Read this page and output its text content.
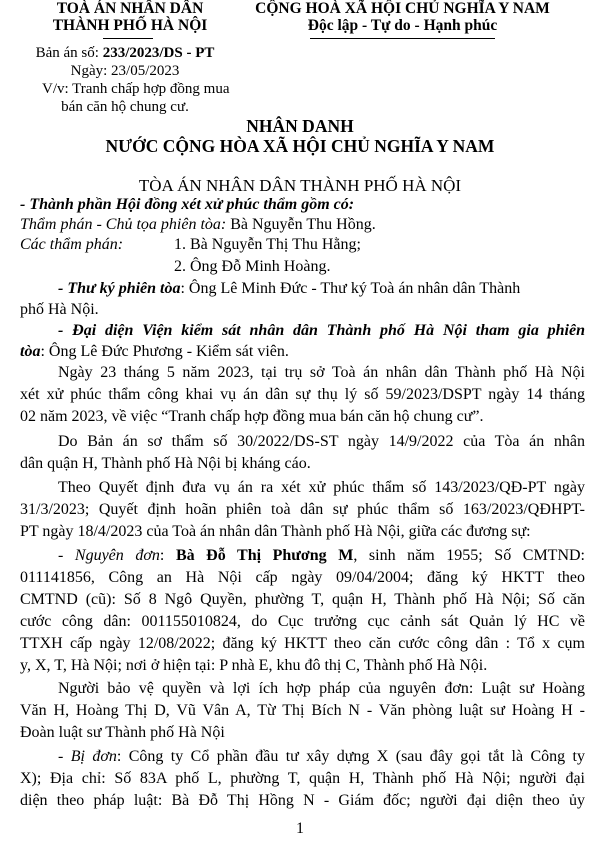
TOÀ ÁN NHÂN DÂN
THÀNH PHỐ HÀ NỘI
Bản án số: 233/2023/DS - PT
Ngày: 23/05/2023
V/v: Tranh chấp hợp đồng mua
bán căn hộ chung cư.
CỘNG HOÀ XÃ HỘI CHỦ NGHĨA Y NAM
Độc lập - Tự do - Hạnh phúc
NHÂN DANH
NƯỚC CỘNG HÒA XÃ HỘI CHỦ NGHĨA Y NAM
TÒA ÁN NHÂN DÂN THÀNH PHỐ HÀ NỘI
- Thành phần Hội đồng xét xử phúc thẩm gồm có:
Thẩm phán - Chủ tọa phiên tòa: Bà Nguyễn Thu Hồng.
Các thẩm phán:	1. Bà Nguyễn Thị Thu Hằng;
2. Ông Đỗ Minh Hoàng.
- Thư ký phiên tòa: Ông Lê Minh Đức - Thư ký Toà án nhân dân Thành
phố Hà Nội.
- Đại diện Viện kiểm sát nhân dân Thành phố Hà Nội tham gia phiên
tòa: Ông Lê Đức Phương - Kiểm sát viên.
Ngày 23 tháng 5 năm 2023, tại trụ sở Toà án nhân dân Thành phố Hà Nội
xét xử phúc thẩm công khai vụ án dân sự thụ lý số 59/2023/DSPT ngày 14 tháng
02 năm 2023, về việc “Tranh chấp hợp đồng mua bán căn hộ chung cư”.
Do Bản án sơ thẩm số 30/2022/DS-ST ngày 14/9/2022 của Tòa án nhân
dân quận H, Thành phố Hà Nội bị kháng cáo.
Theo Quyết định đưa vụ án ra xét xử phúc thẩm số 143/2023/QĐ-PT ngày
31/3/2023; Quyết định hoãn phiên toà dân sự phúc thẩm số 163/2023/QĐHPT-
PT ngày 18/4/2023 của Toà án nhân dân Thành phố Hà Nội, giữa các đương sự:
- Nguyên đơn: Bà Đỗ Thị Phương M, sinh năm 1955; Số CMTND:
011141856, Công an Hà Nội cấp ngày 09/04/2004; đăng ký HKTT theo
CMTND (cũ): Số 8 Ngô Quyền, phường T, quận H, Thành phố Hà Nội; Số căn
cước công dân: 001155010824, do Cục trưởng cục cảnh sát Quản lý HC về
TTXH cấp ngày 12/08/2022; đăng ký HKTT theo căn cước công dân : Tổ x cụm
y, X, T, Hà Nội; nơi ở hiện tại: P nhà E, khu đô thị C, Thành phố Hà Nội.
Người bảo vệ quyền và lợi ích hợp pháp của nguyên đơn: Luật sư Hoàng
Văn H, Hoàng Thị D, Vũ Vân A, Từ Thị Bích N - Văn phòng luật sư Hoàng H -
Đoàn luật sư Thành phố Hà Nội
- Bị đơn: Công ty Cổ phần đầu tư xây dựng X (sau đây gọi tắt là Công ty
X); Địa chỉ: Số 83A phố L, phường T, quận H, Thành phố Hà Nội; người đại
diện theo pháp luật: Bà Đỗ Thị Hồng N - Giám đốc; người đại diện theo ủy
1
